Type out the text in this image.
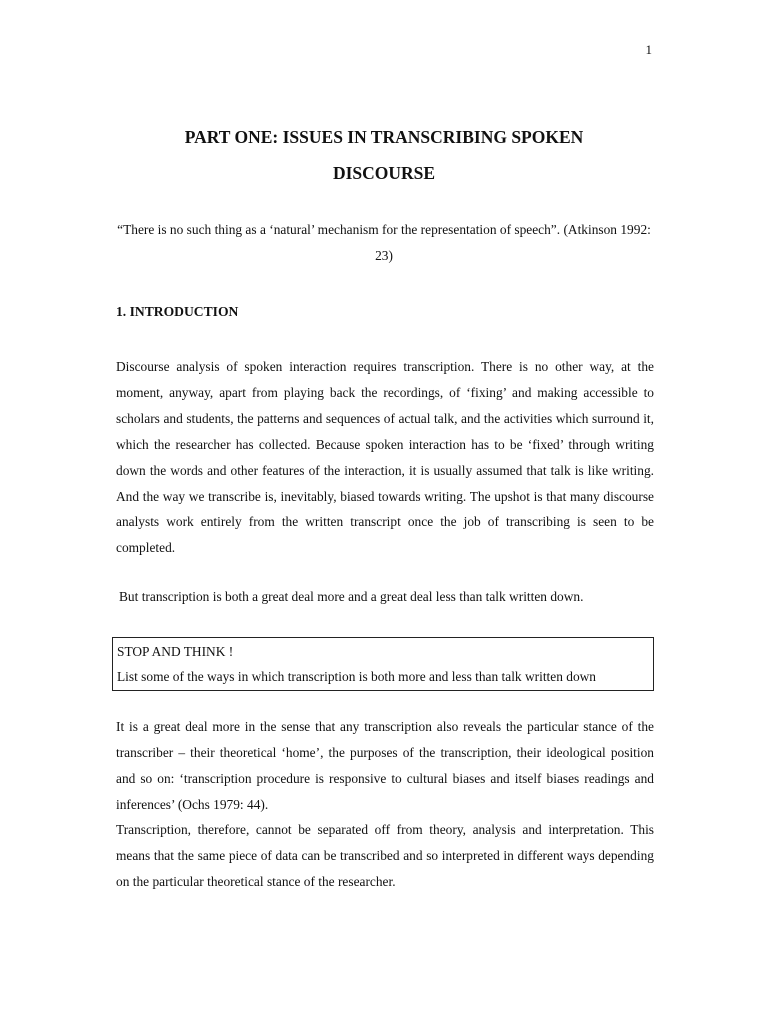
1
PART ONE: ISSUES IN TRANSCRIBING SPOKEN
DISCOURSE
“There is no such thing as a ‘natural’ mechanism for the representation of speech”. (Atkinson 1992: 23)
1. INTRODUCTION
Discourse analysis of spoken interaction requires transcription. There is no other way, at the moment, anyway, apart from playing back the recordings, of ‘fixing’ and making accessible to scholars and students, the patterns and sequences of actual talk, and the activities which surround it, which the researcher has collected. Because spoken interaction has to be ‘fixed’ through writing down the words and other features of the interaction, it is usually assumed that talk is like writing. And the way we transcribe is, inevitably, biased towards writing. The upshot is that many discourse analysts work entirely from the written transcript once the job of transcribing is seen to be completed.
But transcription is both a great deal more and a great deal less than talk written down.
STOP AND THINK !
List some of the ways in which transcription is both more and less than talk written down
It is a great deal more in the sense that any transcription also reveals the particular stance of the transcriber – their theoretical ‘home’, the purposes of the transcription, their ideological position and so on: ‘transcription procedure is responsive to cultural biases and itself biases readings and inferences’ (Ochs 1979: 44).
Transcription, therefore, cannot be separated off from theory, analysis and interpretation. This means that the same piece of data can be transcribed and so interpreted in different ways depending on the particular theoretical stance of the researcher.
